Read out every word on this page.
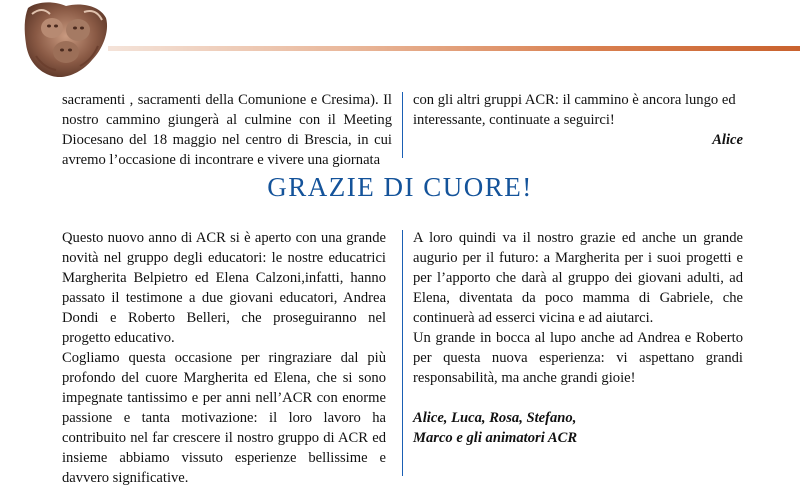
sacramenti , sacramenti della Comunione e Cresima). Il nostro cammino giungerà al culmine con il Meeting Diocesano del 18 maggio nel centro di Brescia, in cui avremo l’occasione di incontrare e vivere una giornata

con gli altri gruppi ACR: il cammino è ancora lungo ed interessante, continuate a seguirci!

Alice

GRAZIE DI CUORE!

Questo nuovo anno di ACR si è aperto con una grande novità nel gruppo degli educatori: le nostre educatrici Margherita Belpietro ed Elena Calzoni,infatti, hanno passato il testimone a due giovani educatori, Andrea Dondi e Roberto Belleri, che proseguiranno nel progetto educativo.

Cogliamo questa occasione per ringraziare dal più profondo del cuore Margherita ed Elena, che si sono impegnate tantissimo e per anni nell’ACR con enorme passione e tanta motivazione: il loro lavoro ha contribuito nel far crescere il nostro gruppo di ACR ed insieme abbiamo vissuto esperienze bellissime e davvero significative.

A loro quindi va il nostro grazie ed anche un grande augurio per il futuro: a Margherita per i suoi progetti e per l’apporto che darà al gruppo dei giovani adulti, ad Elena, diventata da poco mamma di Gabriele, che continuerà ad esserci vicina e ad aiutarci.

Un grande in bocca al lupo anche ad Andrea e Roberto per questa nuova esperienza: vi aspettano grandi responsabilità, ma anche grandi gioie!

Alice, Luca, Rosa, Stefano,

Marco e gli animatori ACR
